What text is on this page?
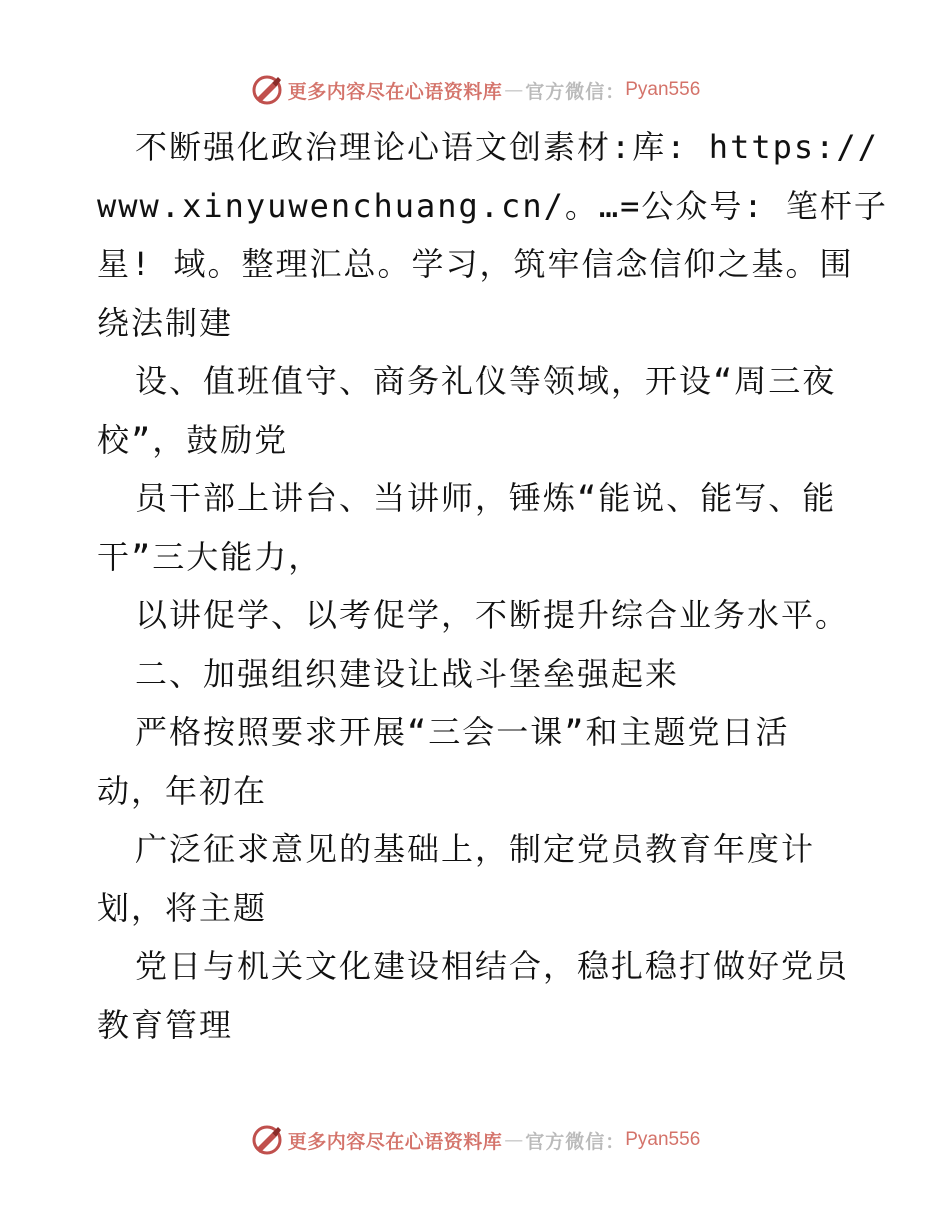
更多内容尽在心语资料库 — 官方微信： Pyan556
不断强化政治理论心语文创素材:库: https://
www.xinyuwenchuang.cn/。…=公众号: 笔杆子
星! 域。整理汇总。学习，筑牢信念信仰之基。围
绕法制建
设、值班值守、商务礼仪等领域，开设“周三夜
校”，鼓励党
员干部上讲台、当讲师，锤炼“能说、能写、能
干”三大能力，
以讲促学、以考促学，不断提升综合业务水平。
二、加强组织建设让战斗堡垒强起来
严格按照要求开展“三会一课”和主题党日活
动，年初在
广泛征求意见的基础上，制定党员教育年度计
划，将主题
党日与机关文化建设相结合，稳扎稳打做好党员
教育管理
更多内容尽在心语资料库 — 官方微信： Pyan556
